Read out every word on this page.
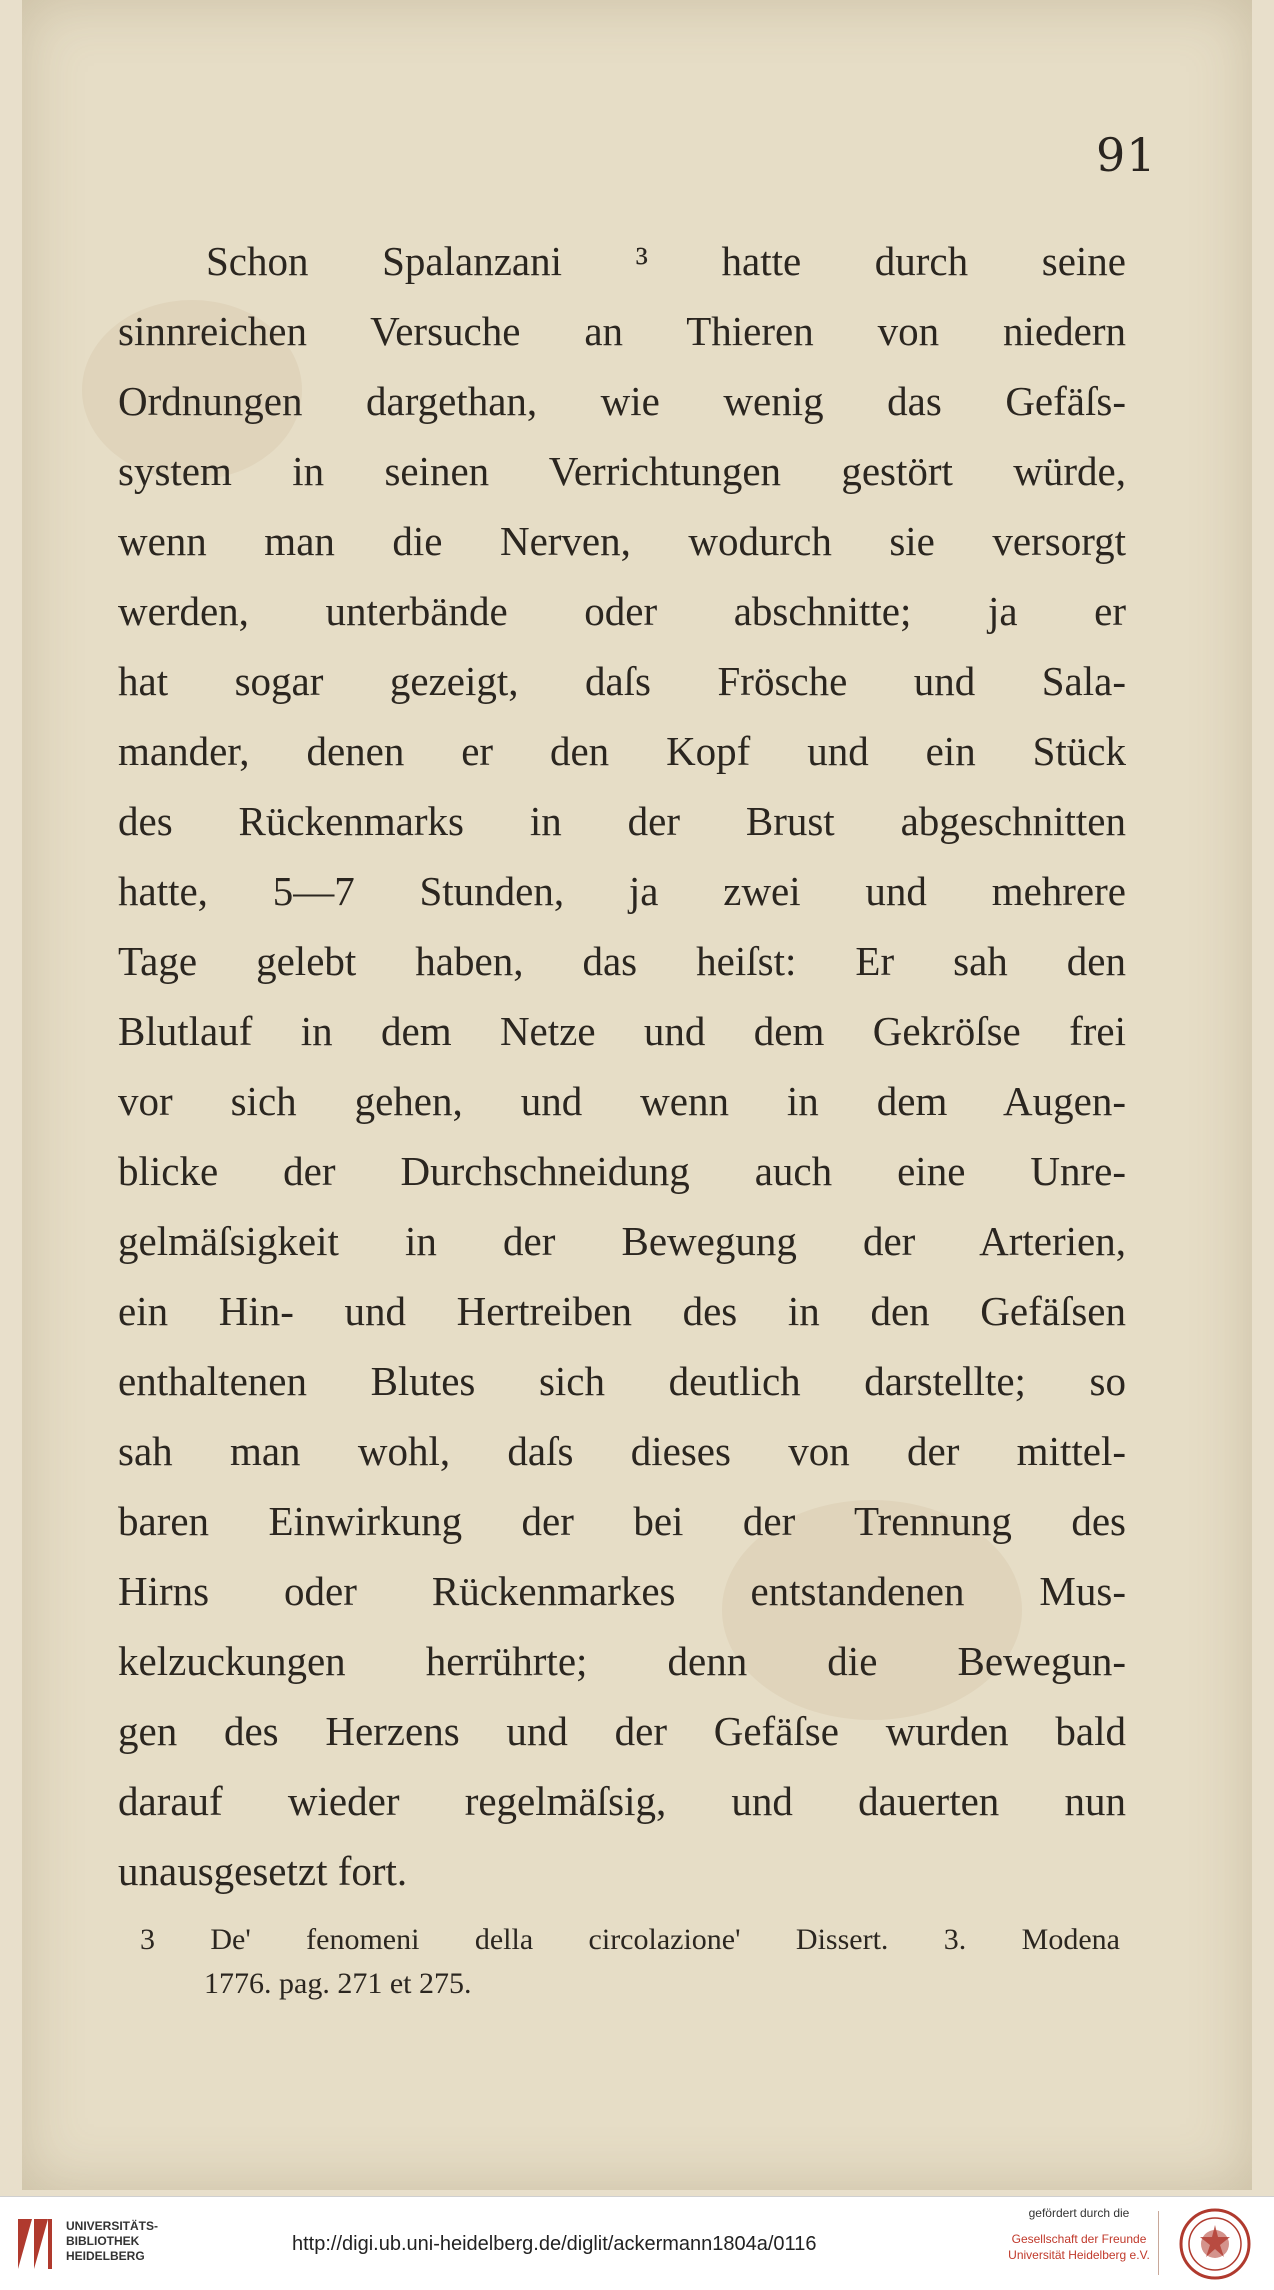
91
Schon Spalanzani ³ hatte durch seine
sinnreichen Versuche an Thieren von niedern
Ordnungen dargethan, wie wenig das Gefäſs-
system in seinen Verrichtungen gestört würde,
wenn man die Nerven, wodurch sie versorgt
werden, unterbände oder abschnitte; ja er
hat sogar gezeigt, daſs Frösche und Sala-
mander, denen er den Kopf und ein Stück
des Rückenmarks in der Brust abgeschnitten
hatte, 5—7 Stunden, ja zwei und mehrere
Tage gelebt haben, das heiſst: Er sah den
Blutlauf in dem Netze und dem Gekröſse frei
vor sich gehen, und wenn in dem Augen-
blicke der Durchschneidung auch eine Unre-
gelmäſsigkeit in der Bewegung der Arterien,
ein Hin- und Hertreiben des in den Gefäſsen
enthaltenen Blutes sich deutlich darstellte; so
sah man wohl, daſs dieses von der mittel-
baren Einwirkung der bei der Trennung des
Hirns oder Rückenmarkes entstandenen Mus-
kelzuckungen herrührte; denn die Bewegun-
gen des Herzens und der Gefäſse wurden bald
darauf wieder regelmäſsig, und dauerten nun
unausgesetzt fort.
3 De' fenomeni della circolazione' Dissert. 3. Modena
1776. pag. 271 et 275.
UNIVERSITÄTS-
BIBLIOTHEK
HEIDELBERG
http://digi.ub.uni-heidelberg.de/diglit/ackermann1804a/0116
gefördert durch die
Gesellschaft der Freunde
Universität Heidelberg e.V.
